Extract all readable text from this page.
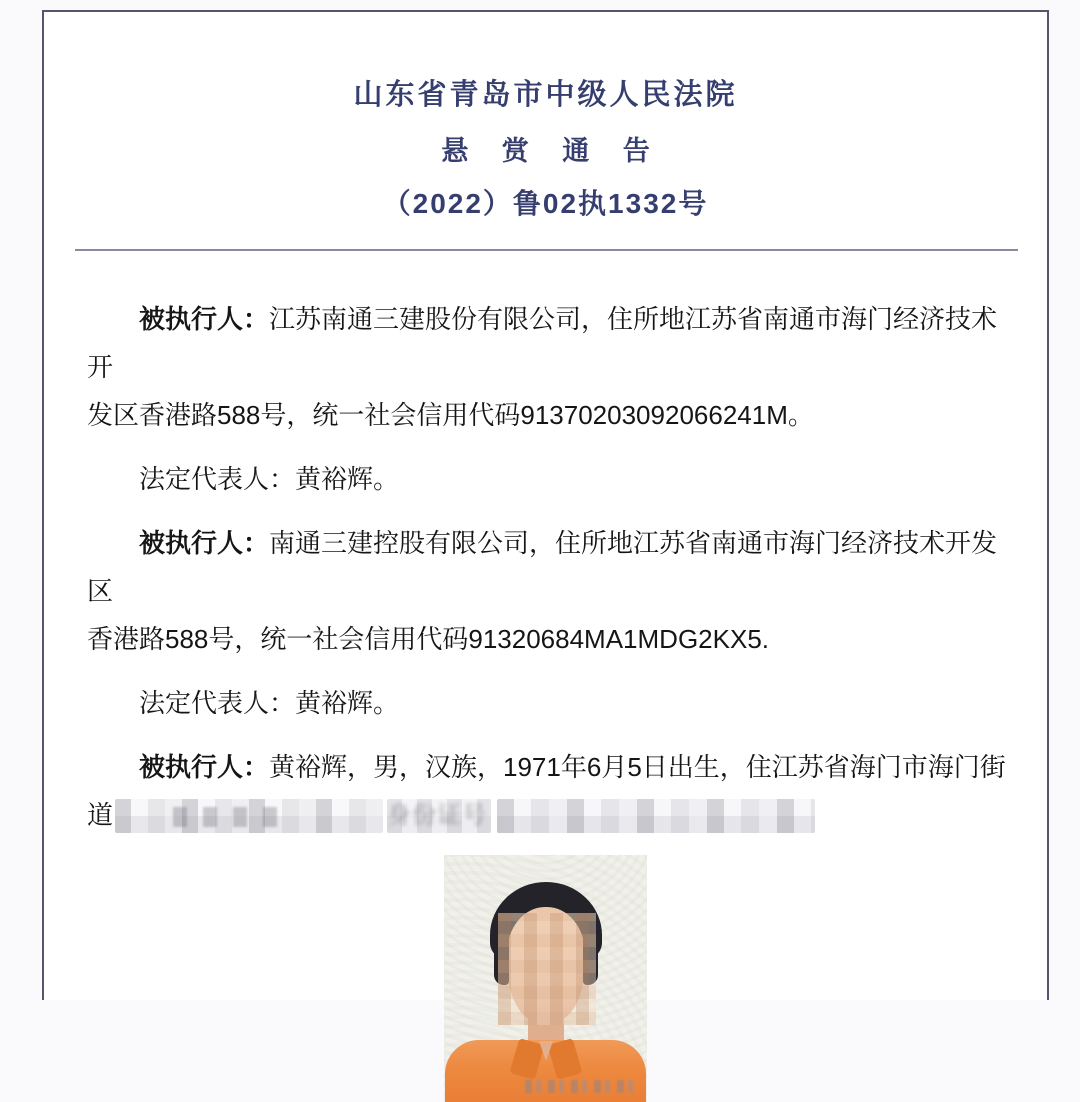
山东省青岛市中级人民法院
悬 赏 通 告
（2022）鲁02执1332号

被执行人：江苏南通三建股份有限公司，住所地江苏省南通市海门经济技术开
发区香港路588号，统一社会信用代码91370203092066241M。

法定代表人：黄裕辉。

被执行人：南通三建控股有限公司，住所地江苏省南通市海门经济技术开发区
香港路588号，统一社会信用代码91320684MA1MDG2KX5.

法定代表人：黄裕辉。

被执行人：黄裕辉，男，汉族，1971年6月5日出生，住江苏省海门市海门街
道	身份证号
